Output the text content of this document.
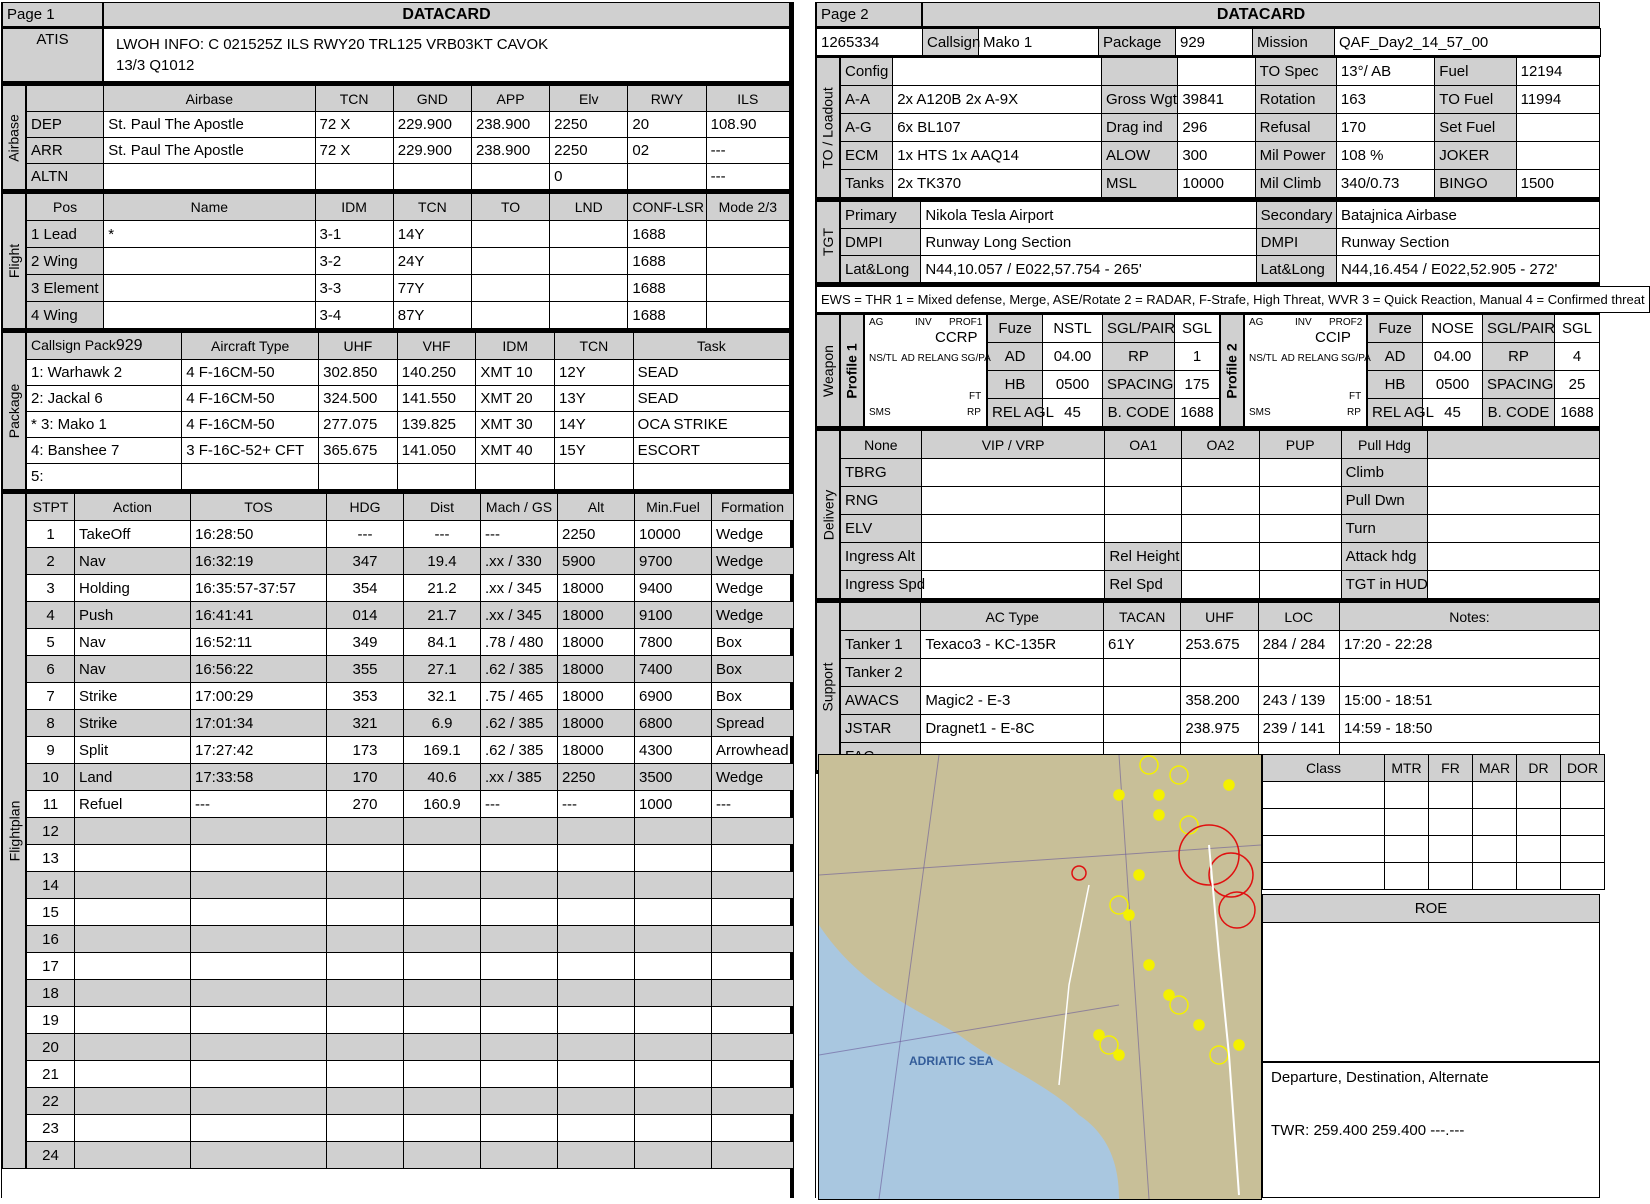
Page 1	DATACARD
ATIS	LWOH INFO: C 021525Z ILS RWY20 TRL125 VRB03KT CAVOK
13/3 Q1012
Airbase
	Airbase	TCN	GND	APP	Elv	RWY	ILS
DEP	St. Paul The Apostle	72 X	229.900	238.900	2250	20	108.90
ARR	St. Paul The Apostle	72 X	229.900	238.900	2250	02	---
ALTN					0		---
Flight
Pos	Name	IDM	TCN	TO	LND	CONF-LSR	Mode 2/3
1 Lead	*	3-1	14Y			1688	
2 Wing		3-2	24Y			1688	
3 Element		3-3	77Y			1688	
4 Wing		3-4	87Y			1688	
Package
Callsign Pack929	Aircraft Type	UHF	VHF	IDM	TCN	Task
1: Warhawk 2	4 F-16CM-50	302.850	140.250	XMT 10	12Y	SEAD
2: Jackal 6	4 F-16CM-50	324.500	141.550	XMT 20	13Y	SEAD
* 3: Mako 1	4 F-16CM-50	277.075	139.825	XMT 30	14Y	OCA STRIKE
4: Banshee 7	3 F-16C-52+ CFT	365.675	141.050	XMT 40	15Y	ESCORT
5:						
Flightplan
STPT	Action	TOS	HDG	Dist	Mach / GS	Alt	Min.Fuel	Formation
1	TakeOff	16:28:50	---	---	---	2250	10000	Wedge
2	Nav	16:32:19	347	19.4	.xx / 330	5900	9700	Wedge
3	Holding	16:35:57-37:57	354	21.2	.xx / 345	18000	9400	Wedge
4	Push	16:41:41	014	21.7	.xx / 345	18000	9100	Wedge
5	Nav	16:52:11	349	84.1	.78 / 480	18000	7800	Box
6	Nav	16:56:22	355	27.1	.62 / 385	18000	7400	Box
7	Strike	17:00:29	353	32.1	.75 / 465	18000	6900	Box
8	Strike	17:01:34	321	6.9	.62 / 385	18000	6800	Spread
9	Split	17:27:42	173	169.1	.62 / 385	18000	4300	Arrowhead
10	Land	17:33:58	170	40.6	.xx / 385	2250	3500	Wedge
11	Refuel	---	270	160.9	---	---	1000	---
12								
13								
14								
15								
16								
17								
18								
19								
20								
21								
22								
23								
24								
Page 2	DATACARD
1265334	Callsign	Mako 1	Package	929	Mission	QAF_Day2_14_57_00
TO / Loadout
Config				TO Spec	13°/ AB	Fuel	12194
A-A	2x A120B 2x A-9X	Gross Wgt	39841	Rotation	163	TO Fuel	11994
A-G	6x BL107	Drag ind	296	Refusal	170	Set Fuel	
ECM	1x HTS 1x AAQ14	ALOW	300	Mil Power	108 %	JOKER	
Tanks	2x TK370	MSL	10000	Mil Climb	340/0.73	BINGO	1500
TGT
Primary	Nikola Tesla Airport	Secondary	Batajnica Airbase
DMPI	Runway Long Section	DMPI	Runway Section
Lat&Long	N44,10.057 / E022,57.754 - 265'	Lat&Long	N44,16.454 / E022,52.905 - 272'
EWS = THR 1 = Mixed defense, Merge, ASE/Rotate 2 = RADAR, F-Strafe, High Threat, WVR 3 = Quick Reaction, Manual 4 = Confirmed threat
Weapon Profile 1
AG	INV PROF1
NS/TL AD RELANG SG/PA
FT
SMS	RP
CCRP
Fuze	NSTL	SGL/PAIR	SGL
AD	04.00	RP	1
HB	0500	SPACING	175
REL AGL	45	B. CODE	1688
Profile 2
AG	INV PROF2
NS/TL AD RELANG SG/PA
FT
SMS	RP
CCIP
Fuze	NOSE	SGL/PAIR	SGL
AD	04.00	RP	4
HB	0500	SPACING	25
REL AGL	45	B. CODE	1688
Delivery
None	VIP / VRP	OA1	OA2	PUP	Pull Hdg	
TBRG					Climb	
RNG					Pull Dwn	
ELV					Turn	
Ingress Alt		Rel Height			Attack hdg	
Ingress Spd		Rel Spd			TGT in HUD	
Support
	AC Type	TACAN	UHF	LOC	Notes:
Tanker 1	Texaco3 - KC-135R	61Y	253.675	284 / 284	17:20 - 22:28
Tanker 2					
AWACS	Magic2 - E-3		358.200	243 / 139	15:00 - 18:51
JSTAR	Dragnet1 - E-8C		238.975	239 / 141	14:59 - 18:50

ADRIATIC SEA
Class	MTR	FR	MAR	DR	DOR

ROE
Departure, Destination, Alternate
TWR: 259.400 259.400 ---.---
